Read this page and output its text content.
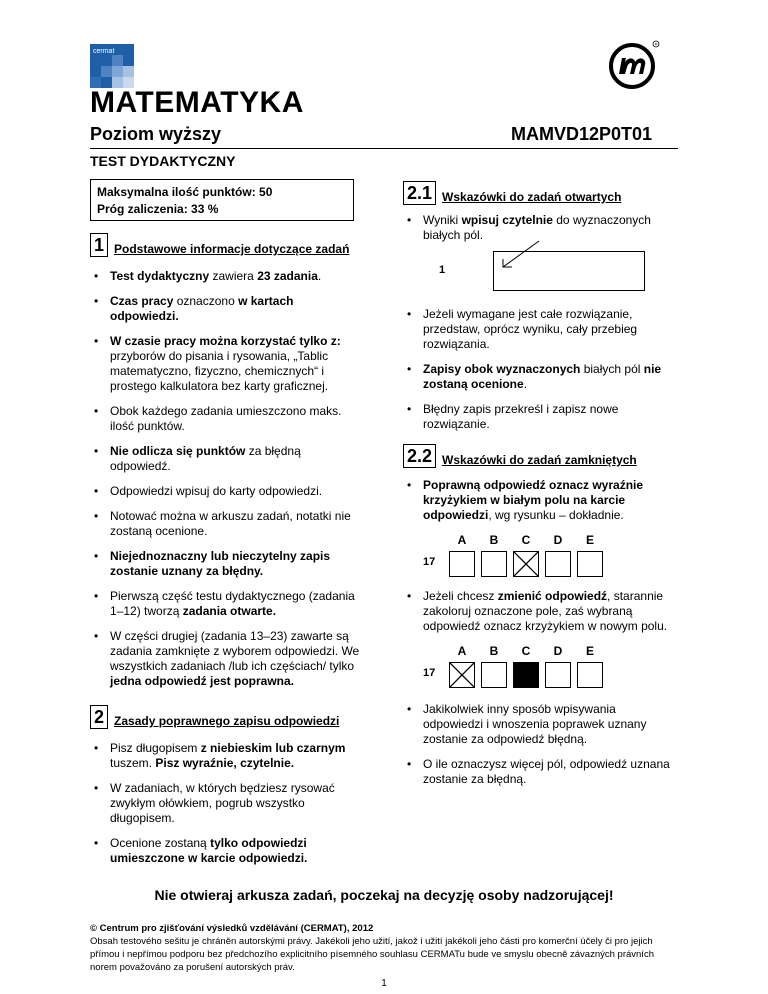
cermat
R
MATEMATYKA
Poziom wyższy	MAMVD12P0T01
TEST DYDAKTYCZNY
Maksymalna ilość punktów: 50
Próg zaliczenia: 33 %
1 Podstawowe informacje dotyczące zadań
• Test dydaktyczny zawiera 23 zadania.
• Czas pracy oznaczono w kartach odpowiedzi.
• W czasie pracy można korzystać tylko z: przyborów do pisania i rysowania, „Tablic matematyczno, fizyczno, chemicznych“ i prostego kalkulatora bez karty graficznej.
• Obok każdego zadania umieszczono maks. ilość punktów.
• Nie odlicza się punktów za błędną odpowiedź.
• Odpowiedzi wpisuj do karty odpowiedzi.
• Notować można w arkuszu zadań, notatki nie zostaną ocenione.
• Niejednoznaczny lub nieczytelny zapis zostanie uznany za błędny.
• Pierwszą część testu dydaktycznego (zadania 1–12) tworzą zadania otwarte.
• W części drugiej (zadania 13–23) zawarte są zadania zamknięte z wyborem odpowiedzi. We wszystkich zadaniach /lub ich częściach/ tylko jedna odpowiedź jest poprawna.
2 Zasady poprawnego zapisu odpowiedzi
• Pisz długopisem z niebieskim lub czarnym tuszem. Pisz wyraźnie, czytelnie.
• W zadaniach, w których będziesz rysować zwykłym ołówkiem, pogrub wszystko długopisem.
• Ocenione zostaną tylko odpowiedzi umieszczone w karcie odpowiedzi.
2.1 Wskazówki do zadań otwartych
• Wyniki wpisuj czytelnie do wyznaczonych białych pól.
1
• Jeżeli wymagane jest całe rozwiązanie, przedstaw, oprócz wyniku, cały przebieg rozwiązania.
• Zapisy obok wyznaczonych białych pól nie zostaną ocenione.
• Błędny zapis przekreśl i zapisz nowe rozwiązanie.
2.2 Wskazówki do zadań zamkniętych
• Poprawną odpowiedź oznacz wyraźnie krzyżykiem w białym polu na karcie odpowiedzi, wg rysunku – dokładnie.
A	B	C	D	E
17
• Jeżeli chcesz zmienić odpowiedź, starannie zakoloruj oznaczone pole, zaś wybraną odpowiedź oznacz krzyżykiem w nowym polu.
A	B	C	D	E
17
• Jakikolwiek inny sposób wpisywania odpowiedzi i wnoszenia poprawek uznany zostanie za odpowiedź błędną.
• O ile oznaczysz więcej pól, odpowiedź uznana zostanie za błędną.
Nie otwieraj arkusza zadań, poczekaj na decyzję osoby nadzorującej!
© Centrum pro zjišťování výsledků vzdělávání (CERMAT), 2012
Obsah testového sešitu je chráněn autorskými právy. Jakékoli jeho užití, jakož i užití jakékoli jeho části pro komerční účely či pro jejich přímou i nepřímou podporu bez předchozího explicitního písemného souhlasu CERMATu bude ve smyslu obecně závazných právních norem považováno za porušení autorských práv.
1
